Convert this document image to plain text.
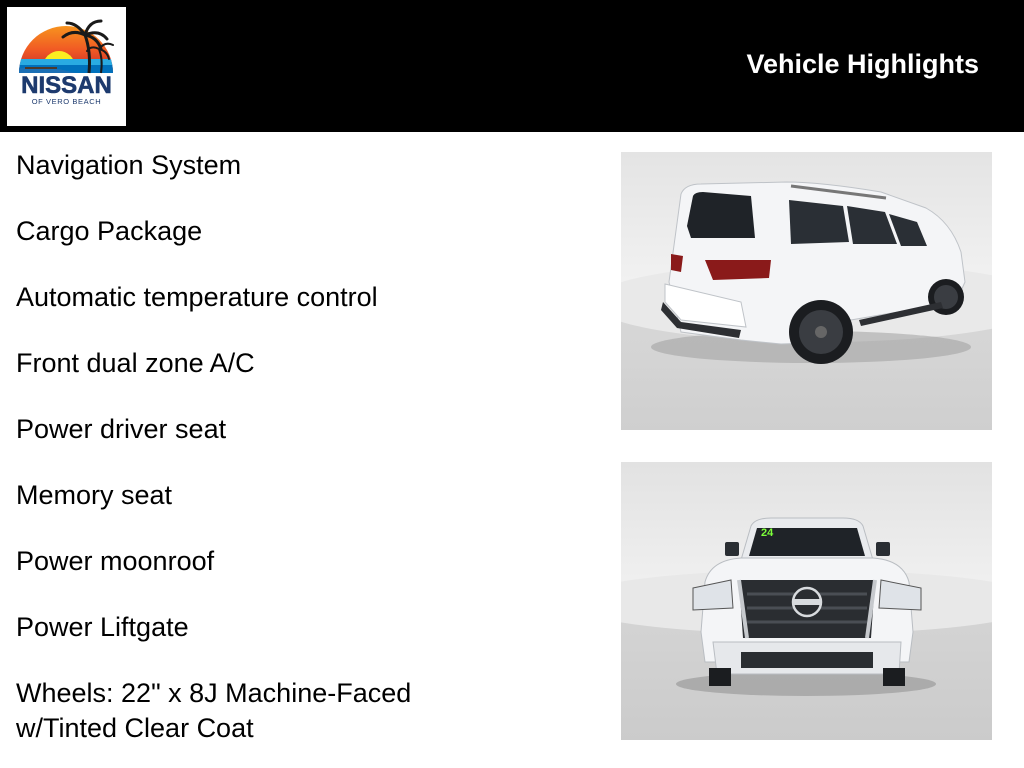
NISSAN
OF VERO BEACH
Vehicle Highlights
Navigation System
Cargo Package
Automatic temperature control
Front dual zone A/C
Power driver seat
Memory seat
Power moonroof
Power Liftgate
Wheels: 22" x 8J Machine-Faced w/Tinted Clear Coat
24
